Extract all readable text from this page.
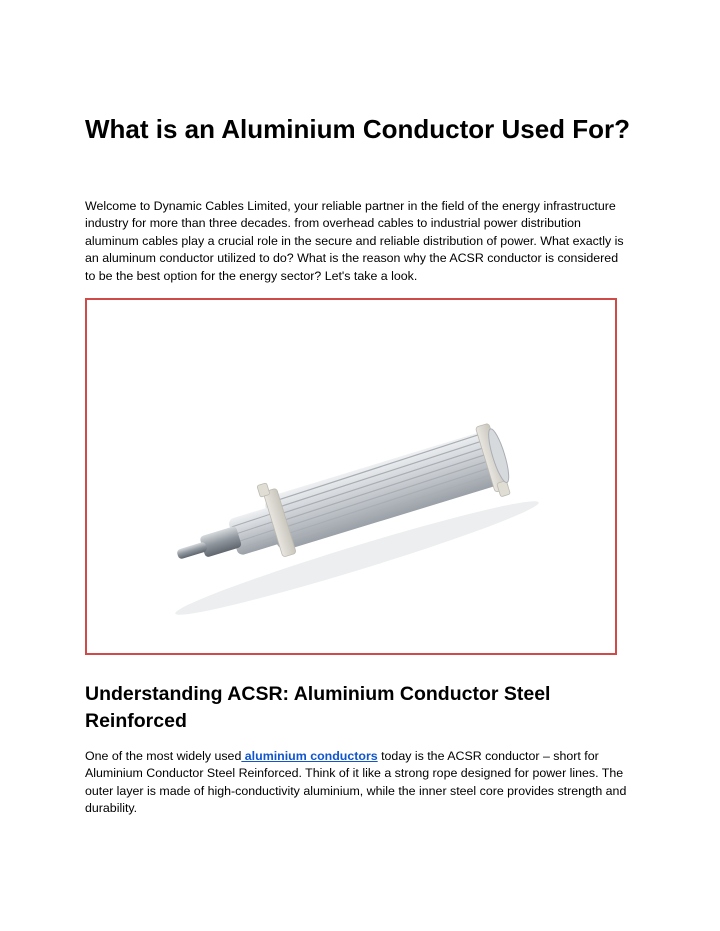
What is an Aluminium Conductor Used For?

Welcome to Dynamic Cables Limited, your reliable partner in the field of the energy infrastructure industry for more than three decades. from overhead cables to industrial power distribution aluminum cables play a crucial role in the secure and reliable distribution of power. What exactly is an aluminum conductor utilized to do? What is the reason why the ACSR conductor is considered to be the best option for the energy sector? Let's take a look.

Understanding ACSR: Aluminium Conductor Steel Reinforced

One of the most widely used aluminium conductors today is the ACSR conductor – short for Aluminium Conductor Steel Reinforced. Think of it like a strong rope designed for power lines. The outer layer is made of high-conductivity aluminium, while the inner steel core provides strength and durability.
